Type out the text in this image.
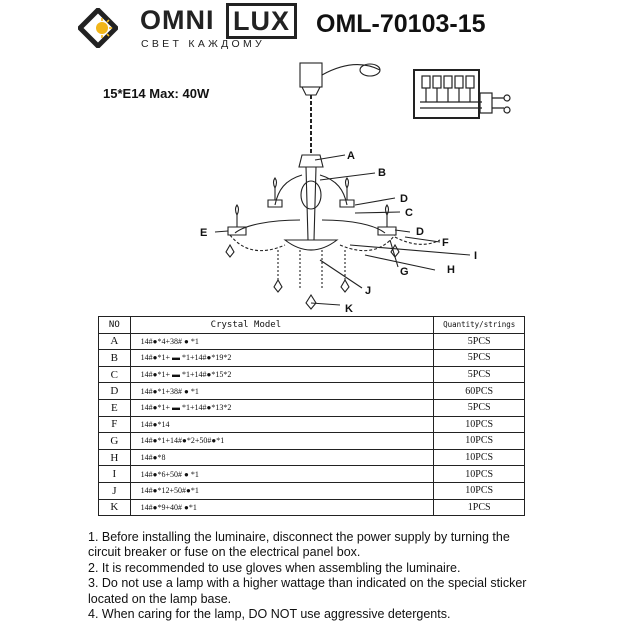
OMNI LUX
СВЕТ КАЖДОМУ
OML-70103-15
15*E14 Max: 40W
A
B
C
D
D
E
F
G	H
I
J
K
NO	Crystal Model	Quantity/strings
A	14#●*4+38# ● *1	5PCS
B	14#●*1+ ▬ *1+14#●*19*2	5PCS
C	14#●*1+ ▬ *1+14#●*15*2	5PCS
D	14#●*1+38# ● *1	60PCS
E	14#●*1+ ▬ *1+14#●*13*2	5PCS
F	14#●*14	10PCS
G	14#●*1+14#●*2+50#●*1	10PCS
H	14#●*8	10PCS
I	14#●*6+50# ● *1	10PCS
J	14#●*12+50#●*1	10PCS
K	14#●*9+40# ●*1	1PCS

1. Before installing the luminaire, disconnect the power supply by turning the circuit breaker or fuse on the electrical panel box.

2. It is recommended to use gloves when assembling the luminaire.

3. Do not use a lamp with a higher wattage than indicated on the special sticker located on the lamp base.

4. When caring for the lamp, DO NOT use aggressive detergents.
